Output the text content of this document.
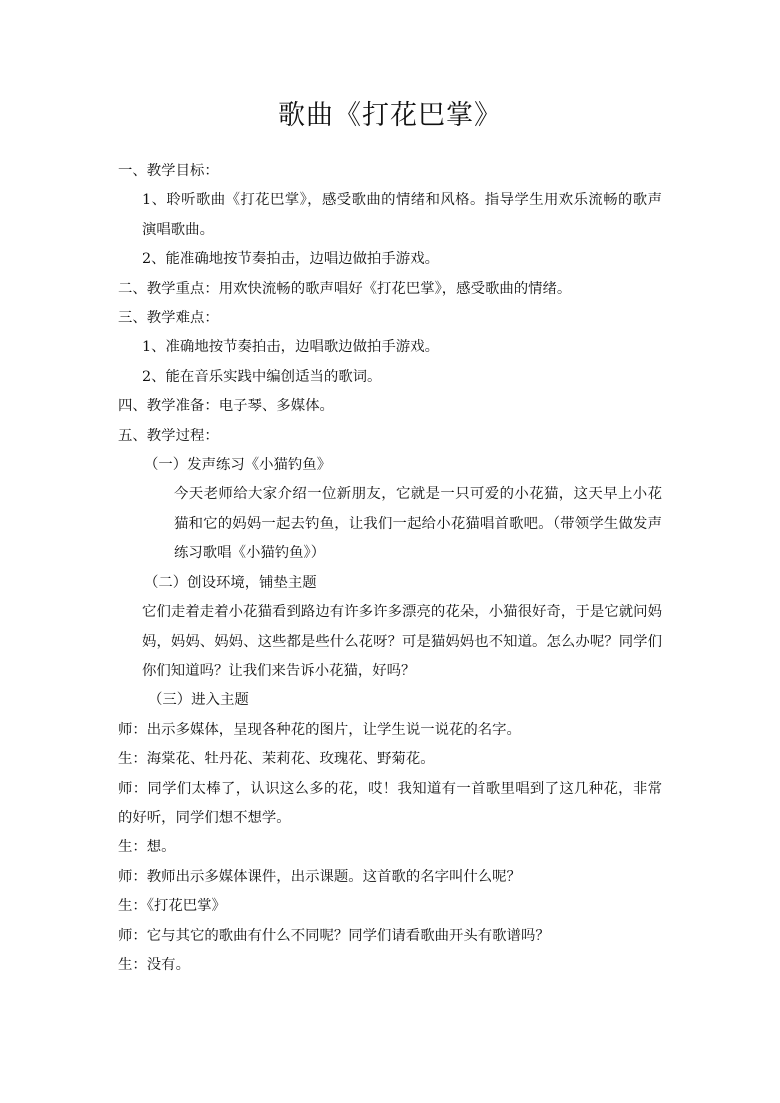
歌曲《打花巴掌》

一、教学目标：

1、聆听歌曲《打花巴掌》，感受歌曲的情绪和风格。指导学生用欢乐流畅的歌声演唱歌曲。

2、能准确地按节奏拍击，边唱边做拍手游戏。

二、教学重点：用欢快流畅的歌声唱好《打花巴掌》，感受歌曲的情绪。

三、教学难点：

1、准确地按节奏拍击，边唱歌边做拍手游戏。

2、能在音乐实践中编创适当的歌词。

四、教学准备：电子琴、多媒体。

五、教学过程：

（一）发声练习《小猫钓鱼》

今天老师给大家介绍一位新朋友，它就是一只可爱的小花猫，这天早上小花猫和它的妈妈一起去钓鱼，让我们一起给小花猫唱首歌吧。（带领学生做发声练习歌唱《小猫钓鱼》）

（二）创设环境，铺垫主题

它们走着走着小花猫看到路边有许多许多漂亮的花朵，小猫很好奇，于是它就问妈妈，妈妈、妈妈、这些都是些什么花呀？可是猫妈妈也不知道。怎么办呢？同学们你们知道吗？让我们来告诉小花猫，好吗？

（三）进入主题

师：出示多媒体，呈现各种花的图片，让学生说一说花的名字。

生：海棠花、牡丹花、茉莉花、玫瑰花、野菊花。

师：同学们太棒了，认识这么多的花，哎！我知道有一首歌里唱到了这几种花，非常的好听，同学们想不想学。

生：想。

师：教师出示多媒体课件，出示课题。这首歌的名字叫什么呢？

生：《打花巴掌》

师：它与其它的歌曲有什么不同呢？同学们请看歌曲开头有歌谱吗？

生：没有。
